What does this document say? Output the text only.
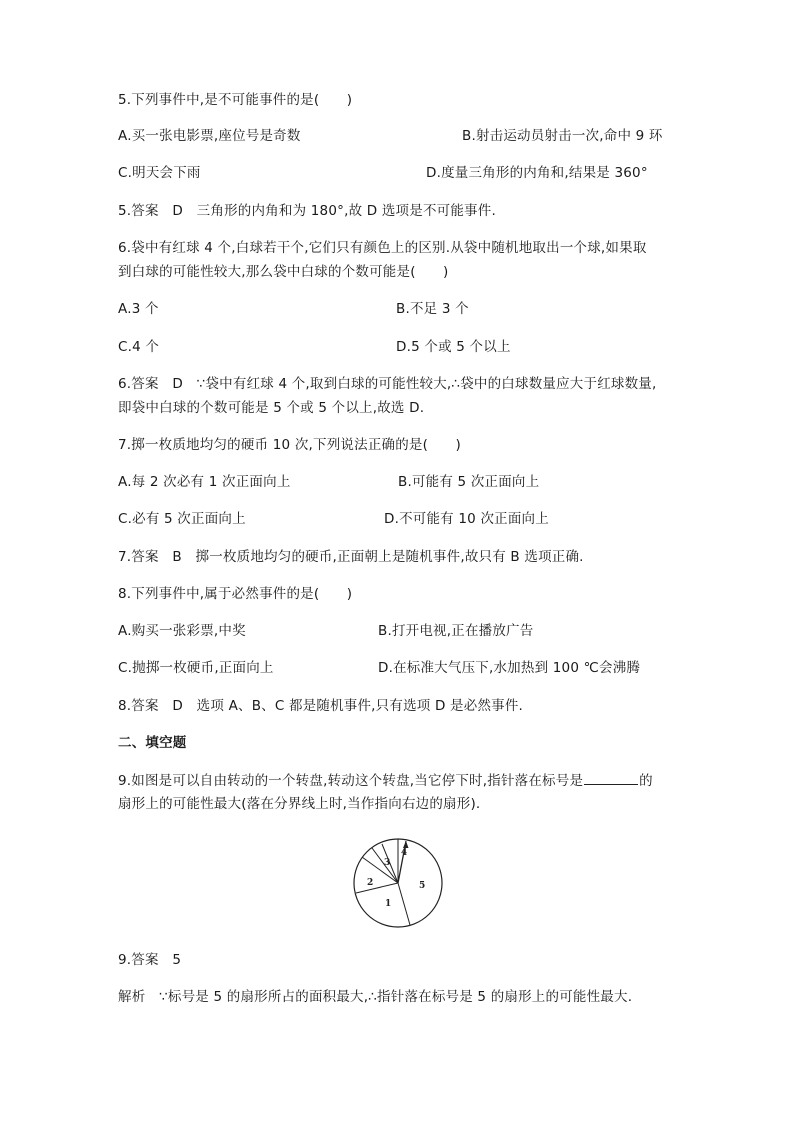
5.下列事件中,是不可能事件的是(　　)
A.买一张电影票,座位号是奇数	B.射击运动员射击一次,命中 9 环
C.明天会下雨	D.度量三角形的内角和,结果是 360°
5.答案　D　三角形的内角和为 180°,故 D 选项是不可能事件.
6.袋中有红球 4 个,白球若干个,它们只有颜色上的区别.从袋中随机地取出一个球,如果取
到白球的可能性较大,那么袋中白球的个数可能是(　　)
A.3 个	B.不足 3 个
C.4 个	D.5 个或 5 个以上
6.答案　D　∵袋中有红球 4 个,取到白球的可能性较大,∴袋中的白球数量应大于红球数量,
即袋中白球的个数可能是 5 个或 5 个以上,故选 D.
7.掷一枚质地均匀的硬币 10 次,下列说法正确的是(　　)
A.每 2 次必有 1 次正面向上	B.可能有 5 次正面向上
C.必有 5 次正面向上	D.不可能有 10 次正面向上
7.答案　B　掷一枚质地均匀的硬币,正面朝上是随机事件,故只有 B 选项正确.
8.下列事件中,属于必然事件的是(　　)
A.购买一张彩票,中奖	B.打开电视,正在播放广告
C.抛掷一枚硬币,正面向上	D.在标准大气压下,水加热到 100 ℃会沸腾
8.答案　D　选项 A、B、C 都是随机事件,只有选项 D 是必然事件.
二、填空题
9.如图是可以自由转动的一个转盘,转动这个转盘,当它停下时,指针落在标号是	的
扇形上的可能性最大(落在分界线上时,当作指向右边的扇形).
3
4
2
1
5
9.答案　5
解析　∵标号是 5 的扇形所占的面积最大,∴指针落在标号是 5 的扇形上的可能性最大.
